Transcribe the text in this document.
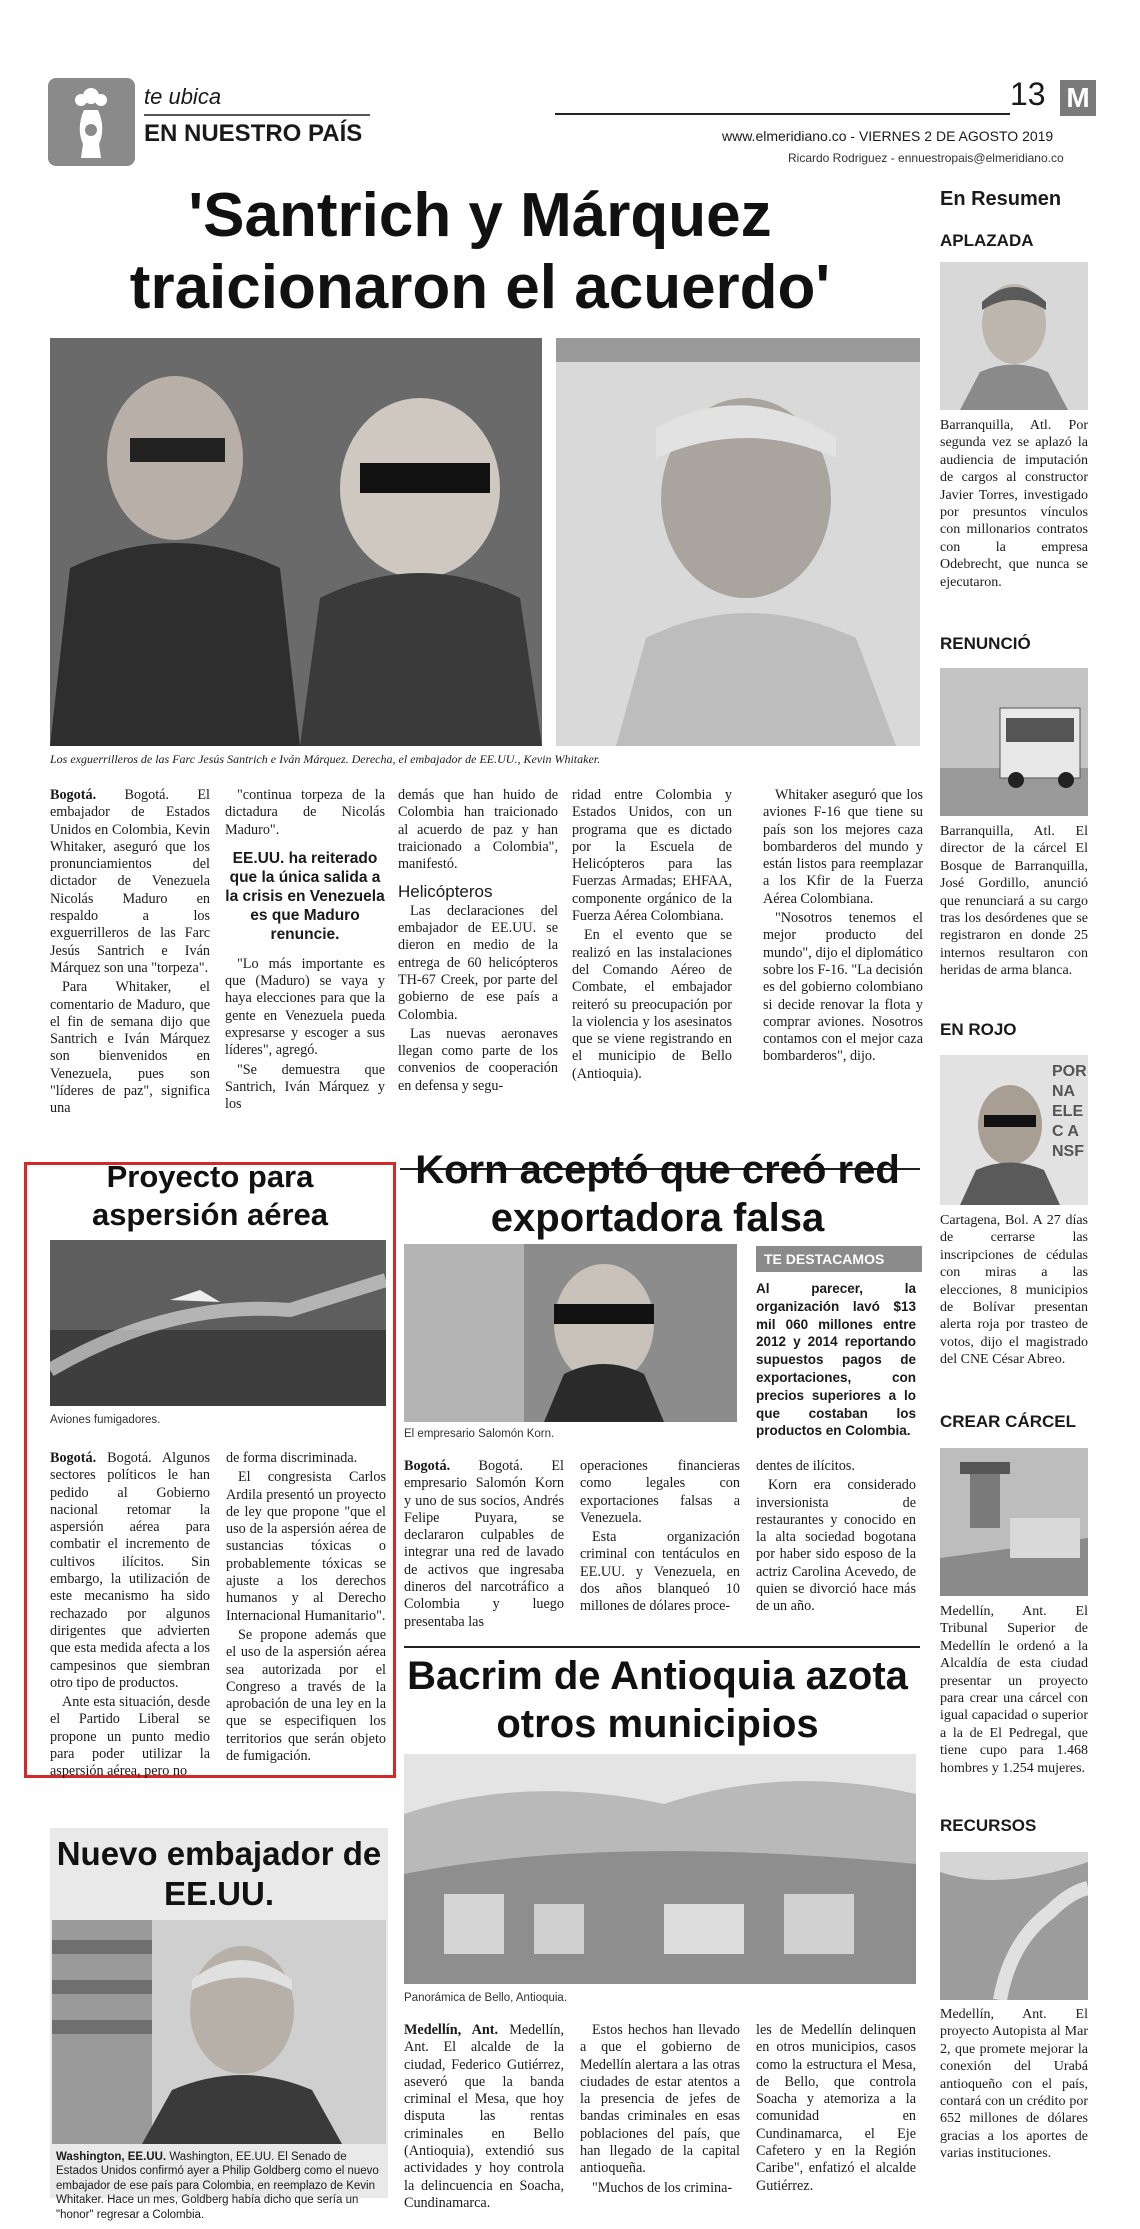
te ubica
EN NUESTRO PAÍS
13 M
www.elmeridiano.co - VIERNES 2 DE AGOSTO 2019
Ricardo Rodriguez - ennuestropais@elmeridiano.co
'Santrich y Márquez traicionaron el acuerdo'
Los exguerrilleros de las Farc Jesús Santrich e Iván Márquez. Derecha, el embajador de EE.UU., Kevin Whitaker.

Bogotá. Bogotá. El embajador de Estados Unidos en Colombia, Kevin Whitaker, aseguró que los pronunciamientos del dictador de Venezuela Nicolás Maduro en respaldo a los exguerrilleros de las Farc Jesús Santrich e Iván Márquez son una "torpeza".

Para Whitaker, el comentario de Maduro, que el fin de semana dijo que Santrich e Iván Márquez son bienvenidos en Venezuela, pues son "líderes de paz", significa una

"continua torpeza de la dictadura de Nicolás Maduro".

EE.UU. ha reiterado que la única salida a la crisis en Venezuela es que Maduro renuncie.

"Lo más importante es que (Maduro) se vaya y haya elecciones para que la gente en Venezuela pueda expresarse y escoger a sus líderes", agregó.

"Se demuestra que Santrich, Iván Márquez y los

demás que han huido de Colombia han traicionado al acuerdo de paz y han traicionado a Colombia", manifestó.

Helicópteros

Las declaraciones del embajador de EE.UU. se dieron en medio de la entrega de 60 helicópteros TH-67 Creek, por parte del gobierno de ese país a Colombia.

Las nuevas aeronaves llegan como parte de los convenios de cooperación en defensa y segu-

ridad entre Colombia y Estados Unidos, con un programa que es dictado por la Escuela de Helicópteros para las Fuerzas Armadas; EHFAA, componente orgánico de la Fuerza Aérea Colombiana.

En el evento que se realizó en las instalaciones del Comando Aéreo de Combate, el embajador reiteró su preocupación por la violencia y los asesinatos que se viene registrando en el municipio de Bello (Antioquia).

Whitaker aseguró que los aviones F-16 que tiene su país son los mejores caza bombarderos del mundo y están listos para reemplazar a los Kfir de la Fuerza Aérea Colombiana.

"Nosotros tenemos el mejor producto del mundo", dijo el diplomático sobre los F-16. "La decisión es del gobierno colombiano si decide renovar la flota y comprar aviones. Nosotros contamos con el mejor caza bombarderos", dijo.

Proyecto para aspersión aérea
Aviones fumigadores.

Bogotá. Bogotá. Algunos sectores políticos le han pedido al Gobierno nacional retomar la aspersión aérea para combatir el incremento de cultivos ilícitos. Sin embargo, la utilización de este mecanismo ha sido rechazado por algunos dirigentes que advierten que esta medida afecta a los campesinos que siembran otro tipo de productos.

Ante esta situación, desde el Partido Liberal se propone un punto medio para poder utilizar la aspersión aérea, pero no

de forma discriminada.

El congresista Carlos Ardila presentó un proyecto de ley que propone "que el uso de la aspersión aérea de sustancias tóxicas o probablemente tóxicas se ajuste a los derechos humanos y al Derecho Internacional Humanitario".

Se propone además que el uso de la aspersión aérea sea autorizada por el Congreso a través de la aprobación de una ley en la que se especifiquen los territorios que serán objeto de fumigación.

Korn aceptó que creó red exportadora falsa
El empresario Salomón Korn.
TE DESTACAMOS
Al parecer, la organización lavó $13 mil 060 millones entre 2012 y 2014 reportando supuestos pagos de exportaciones, con precios superiores a lo que costaban los productos en Colombia.

Bogotá. Bogotá. El empresario Salomón Korn y uno de sus socios, Andrés Felipe Puyara, se declararon culpables de integrar una red de lavado de activos que ingresaba dineros del narcotráfico a Colombia y luego presentaba las

operaciones financieras como legales con exportaciones falsas a Venezuela.

Esta organización criminal con tentáculos en EE.UU. y Venezuela, en dos años blanqueó 10 millones de dólares proce-

dentes de ilícitos.

Korn era considerado inversionista de restaurantes y conocido en la alta sociedad bogotana por haber sido esposo de la actriz Carolina Acevedo, de quien se divorció hace más de un año.

Bacrim de Antioquia azota otros municipios
Panorámica de Bello, Antioquia.

Medellín, Ant. Medellín, Ant. El alcalde de la ciudad, Federico Gutiérrez, aseveró que la banda criminal el Mesa, que hoy disputa las rentas criminales en Bello (Antioquia), extendió sus actividades y hoy controla la delincuencia en Soacha, Cundinamarca.

Estos hechos han llevado a que el gobierno de Medellín alertara a las otras ciudades de estar atentos a la presencia de jefes de bandas criminales en esas poblaciones del país, que han llegado de la capital antioqueña.

"Muchos de los crimina-

les de Medellín delinquen en otros municipios, casos como la estructura el Mesa, de Bello, que controla Soacha y atemoriza a la comunidad en Cundinamarca, el Eje Cafetero y en la Región Caribe", enfatizó el alcalde Gutiérrez.

Nuevo embajador de EE.UU.
Washington, EE.UU. Washington, EE.UU. El Senado de Estados Unidos confirmó ayer a Philip Goldberg como el nuevo embajador de ese país para Colombia, en reemplazo de Kevin Whitaker. Hace un mes, Goldberg había dicho que sería un "honor" regresar a Colombia.
En Resumen
APLAZADA
Barranquilla, Atl. Por segunda vez se aplazó la audiencia de imputación de cargos al constructor Javier Torres, investigado por presuntos vínculos con millonarios contratos con la empresa Odebrecht, que nunca se ejecutaron.
RENUNCIÓ
Barranquilla, Atl. El director de la cárcel El Bosque de Barranquilla, José Gordillo, anunció que renunciará a su cargo tras los desórdenes que se registraron en donde 25 internos resultaron con heridas de arma blanca.
EN ROJO
POR NA ELEC ANSF
Cartagena, Bol. A 27 días de cerrarse las inscripciones de cédulas con miras a las elecciones, 8 municipios de Bolívar presentan alerta roja por trasteo de votos, dijo el magistrado del CNE César Abreo.
CREAR CÁRCEL
Medellín, Ant. El Tribunal Superior de Medellín le ordenó a la Alcaldía de esta ciudad presentar un proyecto para crear una cárcel con igual capacidad o superior a la de El Pedregal, que tiene cupo para 1.468 hombres y 1.254 mujeres.
RECURSOS
Medellín, Ant. El proyecto Autopista al Mar 2, que promete mejorar la conexión del Urabá antioqueño con el país, contará con un crédito por 652 millones de dólares gracias a los aportes de varias instituciones.
